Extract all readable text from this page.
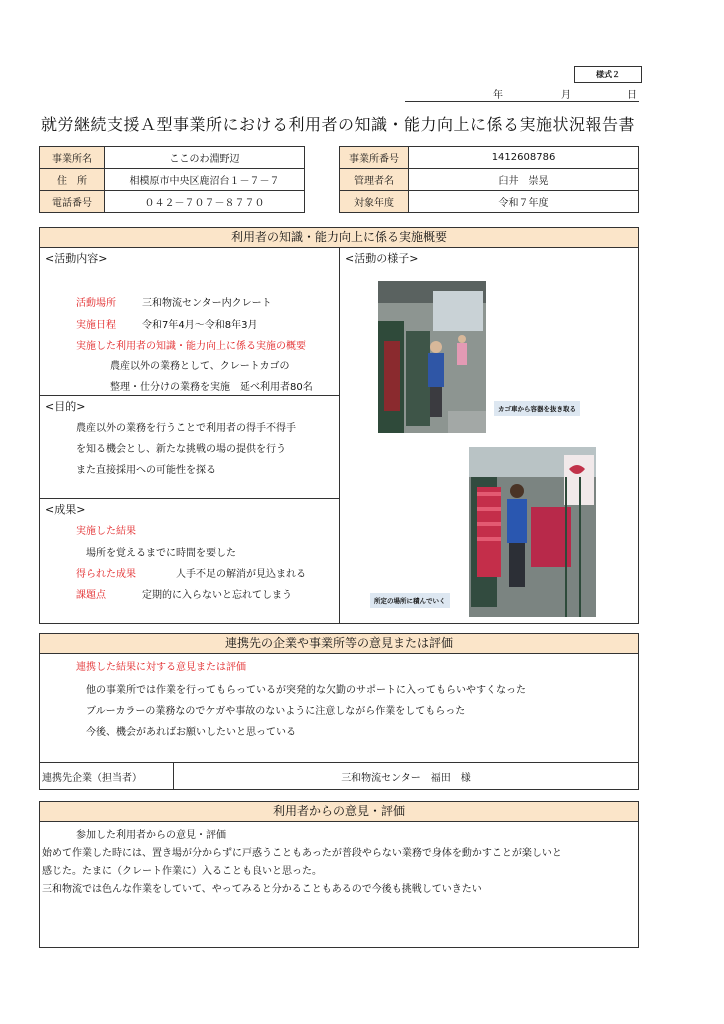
様式２
年	月	日
就労継続支援Ａ型事業所における利用者の知識・能力向上に係る実施状況報告書
事業所名	ここのわ淵野辺
住　所	相模原市中央区鹿沼台１－７－７
電話番号	０４２－７０７－８７７０
事業所番号	1412608786
管理者名	臼井　崇晃
対象年度	令和７年度
利用者の知識・能力向上に係る実施概要
<活動内容>
活動場所	三和物流センター内クレート
実施日程	令和7年4月～令和8年3月
実施した利用者の知識・能力向上に係る実施の概要
農産以外の業務として、クレートカゴの
整理・仕分けの業務を実施　延べ利用者80名
<目的>
農産以外の業務を行うことで利用者の得手不得手
を知る機会とし、新たな挑戦の場の提供を行う
また直接採用への可能性を探る
<成果>
実施した結果
場所を覚えるまでに時間を要した
得られた成果	人手不足の解消が見込まれる
課題点	定期的に入らないと忘れてしまう
<活動の様子>
カゴ車から容器を抜き取る
所定の場所に積んでいく
連携先の企業や事業所等の意見または評価
連携した結果に対する意見または評価
他の事業所では作業を行ってもらっているが突発的な欠勤のサポートに入ってもらいやすくなった
ブルーカラーの業務なのでケガや事故のないように注意しながら作業をしてもらった
今後、機会があればお願いしたいと思っている
連携先企業（担当者）	三和物流センター　福田　様
利用者からの意見・評価
参加した利用者からの意見・評価
始めて作業した時には、置き場が分からずに戸惑うこともあったが普段やらない業務で身体を動かすことが楽しいと
感じた。たまに（クレート作業に）入ることも良いと思った。
三和物流では色んな作業をしていて、やってみると分かることもあるので今後も挑戦していきたい
